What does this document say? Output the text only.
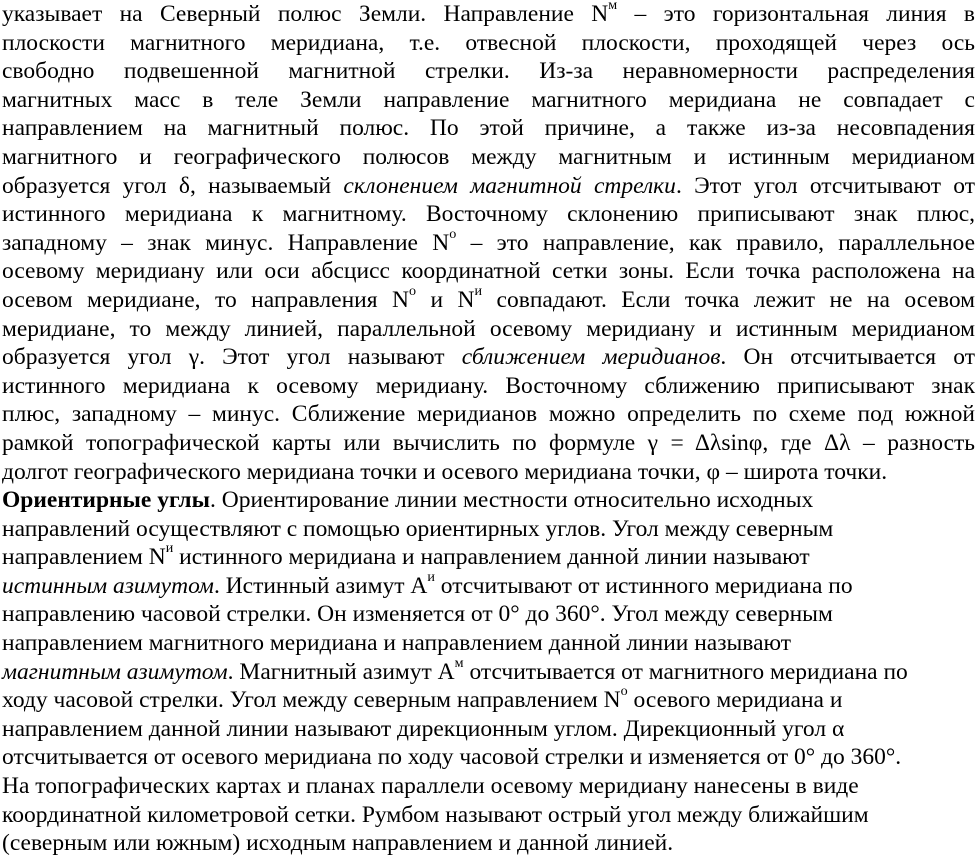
указывает на Северный полюс Земли. Направление $N^м$ – это горизонтальная линия в
плоскости магнитного меридиана, т.е. отвесной плоскости, проходящей через ось
свободно подвешенной магнитной стрелки. Из-за неравномерности распределения
магнитных масс в теле Земли направление магнитного меридиана не совпадает с
направлением на магнитный полюс. По этой причине, а также из-за несовпадения
магнитного и географического полюсов между магнитным и истинным меридианом
образуется угол δ, называемый склонением магнитной стрелки. Этот угол отсчитывают от
истинного меридиана к магнитному. Восточному склонению приписывают знак плюс,
западному – знак минус. Направление $N^o$ – это направление, как правило, параллельное
осевому меридиану или оси абсцисс координатной сетки зоны. Если точка расположена на
осевом меридиане, то направления $N^o$ и $N^и$ совпадают. Если точка лежит не на осевом
меридиане, то между линией, параллельной осевому меридиану и истинным меридианом
образуется угол γ. Этот угол называют сближением меридианов. Он отсчитывается от
истинного меридиана к осевому меридиану. Восточному сближению приписывают знак
плюс, западному – минус. Сближение меридианов можно определить по схеме под южной
рамкой топографической карты или вычислить по формуле γ = Δλsinφ, где Δλ – разность
долгот географического меридиана точки и осевого меридиана точки, φ – широта точки.
Ориентирные углы. Ориентирование линии местности относительно исходных
направлений осуществляют с помощью ориентирных углов. Угол между северным
направлением $N^и$ истинного меридиана и направлением данной линии называют
истинным азимутом. Истинный азимут $A^и$ отсчитывают от истинного меридиана по
направлению часовой стрелки. Он изменяется от 0° до 360°. Угол между северным
направлением магнитного меридиана и направлением данной линии называют
магнитным азимутом. Магнитный азимут $A^м$ отсчитывается от магнитного меридиана по
ходу часовой стрелки. Угол между северным направлением $N^o$ осевого меридиана и
направлением данной линии называют дирекционным углом. Дирекционный угол α
отсчитывается от осевого меридиана по ходу часовой стрелки и изменяется от 0° до 360°.
На топографических картах и планах параллели осевому меридиану нанесены в виде
координатной километровой сетки. Румбом называют острый угол между ближайшим
(северным или южным) исходным направлением и данной линией.
